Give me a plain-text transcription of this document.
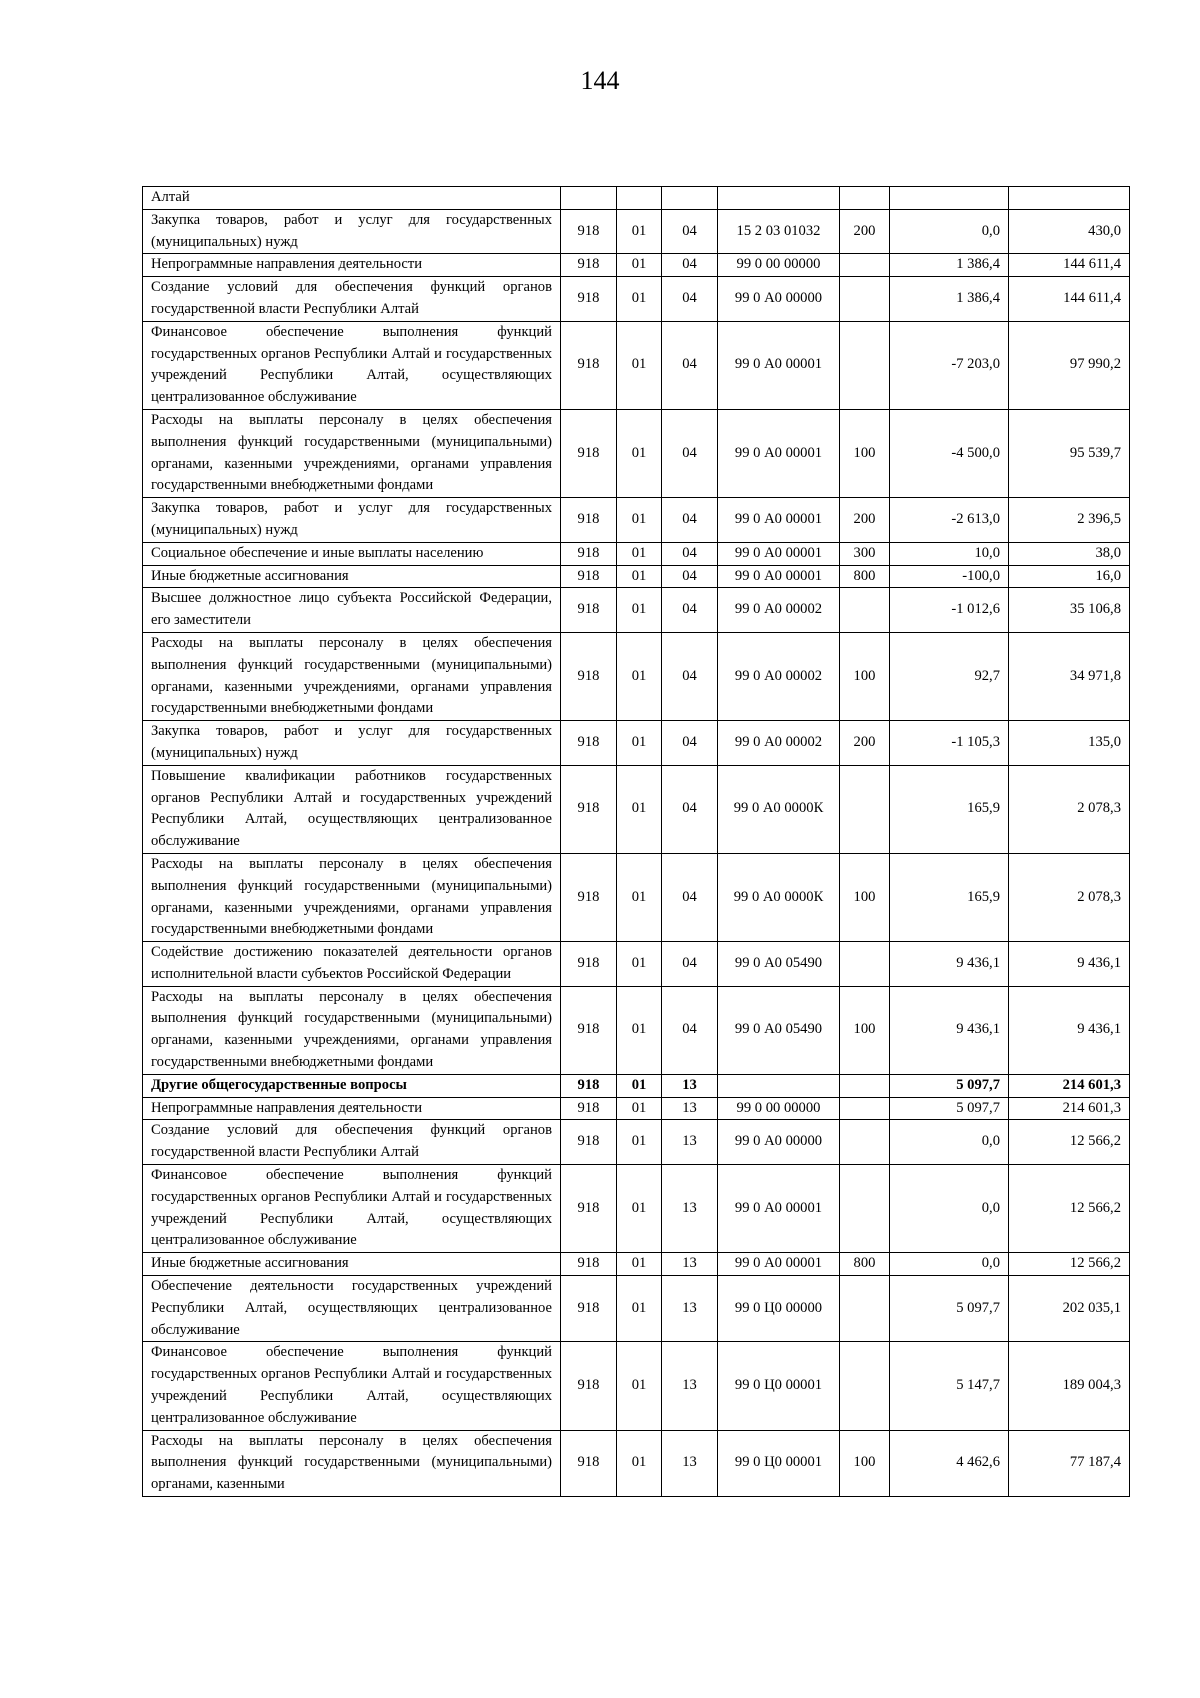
144
Алтай							
Закупка товаров, работ и услуг для государственных (муниципальных) нужд	918	01	04	15 2 03 01032	200	0,0	430,0
Непрограммные направления деятельности	918	01	04	99 0 00 00000		1 386,4	144 611,4
Создание условий для обеспечения функций органов государственной власти Республики Алтай	918	01	04	99 0 А0 00000		1 386,4	144 611,4
Финансовое обеспечение выполнения функций государственных органов Республики Алтай и государственных учреждений Республики Алтай, осуществляющих централизованное обслуживание	918	01	04	99 0 А0 00001		-7 203,0	97 990,2
Расходы на выплаты персоналу в целях обеспечения выполнения функций государственными (муниципальными) органами, казенными учреждениями, органами управления государственными внебюджетными фондами	918	01	04	99 0 А0 00001	100	-4 500,0	95 539,7
Закупка товаров, работ и услуг для государственных (муниципальных) нужд	918	01	04	99 0 А0 00001	200	-2 613,0	2 396,5
Социальное обеспечение и иные выплаты населению	918	01	04	99 0 А0 00001	300	10,0	38,0
Иные бюджетные ассигнования	918	01	04	99 0 А0 00001	800	-100,0	16,0
Высшее должностное лицо субъекта Российской Федерации, его заместители	918	01	04	99 0 А0 00002		-1 012,6	35 106,8
Расходы на выплаты персоналу в целях обеспечения выполнения функций государственными (муниципальными) органами, казенными учреждениями, органами управления государственными внебюджетными фондами	918	01	04	99 0 А0 00002	100	92,7	34 971,8
Закупка товаров, работ и услуг для государственных (муниципальных) нужд	918	01	04	99 0 А0 00002	200	-1 105,3	135,0
Повышение квалификации работников государственных органов Республики Алтай и государственных учреждений Республики Алтай, осуществляющих централизованное обслуживание	918	01	04	99 0 А0 0000К		165,9	2 078,3
Расходы на выплаты персоналу в целях обеспечения выполнения функций государственными (муниципальными) органами, казенными учреждениями, органами управления государственными внебюджетными фондами	918	01	04	99 0 А0 0000К	100	165,9	2 078,3
Содействие достижению показателей деятельности органов исполнительной власти субъектов Российской Федерации	918	01	04	99 0 А0 05490		9 436,1	9 436,1
Расходы на выплаты персоналу в целях обеспечения выполнения функций государственными (муниципальными) органами, казенными учреждениями, органами управления государственными внебюджетными фондами	918	01	04	99 0 А0 05490	100	9 436,1	9 436,1
Другие общегосударственные вопросы	918	01	13			5 097,7	214 601,3
Непрограммные направления деятельности	918	01	13	99 0 00 00000		5 097,7	214 601,3
Создание условий для обеспечения функций органов государственной власти Республики Алтай	918	01	13	99 0 А0 00000		0,0	12 566,2
Финансовое обеспечение выполнения функций государственных органов Республики Алтай и государственных учреждений Республики Алтай, осуществляющих централизованное обслуживание	918	01	13	99 0 А0 00001		0,0	12 566,2
Иные бюджетные ассигнования	918	01	13	99 0 А0 00001	800	0,0	12 566,2
Обеспечение деятельности государственных учреждений Республики Алтай, осуществляющих централизованное обслуживание	918	01	13	99 0 Ц0 00000		5 097,7	202 035,1
Финансовое обеспечение выполнения функций государственных органов Республики Алтай и государственных учреждений Республики Алтай, осуществляющих централизованное обслуживание	918	01	13	99 0 Ц0 00001		5 147,7	189 004,3
Расходы на выплаты персоналу в целях обеспечения выполнения функций государственными (муниципальными) органами, казенными	918	01	13	99 0 Ц0 00001	100	4 462,6	77 187,4
